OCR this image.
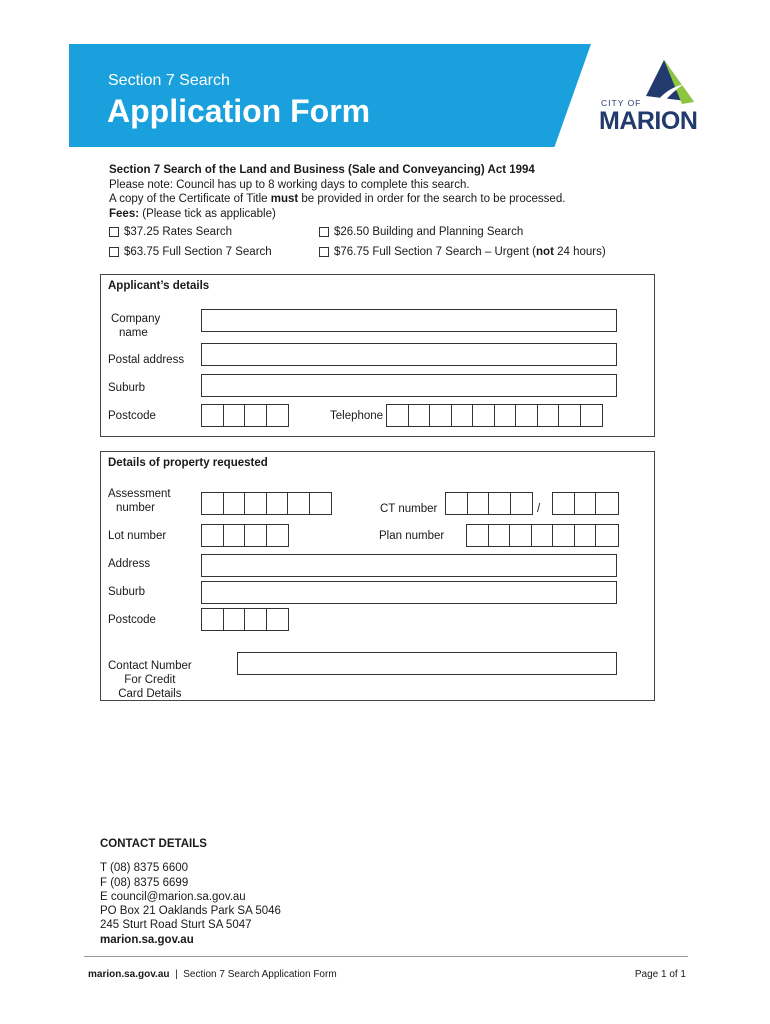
Section 7 Search
Application Form	CITY OF
MARION
Section 7 Search of the Land and Business (Sale and Conveyancing) Act 1994
Please note: Council has up to 8 working days to complete this search.
A copy of the Certificate of Title must be provided in order for the search to be processed.
Fees: (Please tick as applicable)
$37.25 Rates Search	$26.50 Building and Planning Search
$63.75 Full Section 7 Search	$76.75 Full Section 7 Search – Urgent (not 24 hours)
Applicant’s details
Company
name
Postal address
Suburb
Postcode	Telephone
Details of property requested
Assessment
number	CT number	/
Lot number	Plan number
Address
Suburb
Postcode
Contact Number
For Credit
Card Details
CONTACT DETAILS
T (08) 8375 6600
F (08) 8375 6699
E council@marion.sa.gov.au
PO Box 21 Oaklands Park SA 5046
245 Sturt Road Sturt SA 5047
marion.sa.gov.au
marion.sa.gov.au  |  Section 7 Search Application Form	Page 1 of 1
